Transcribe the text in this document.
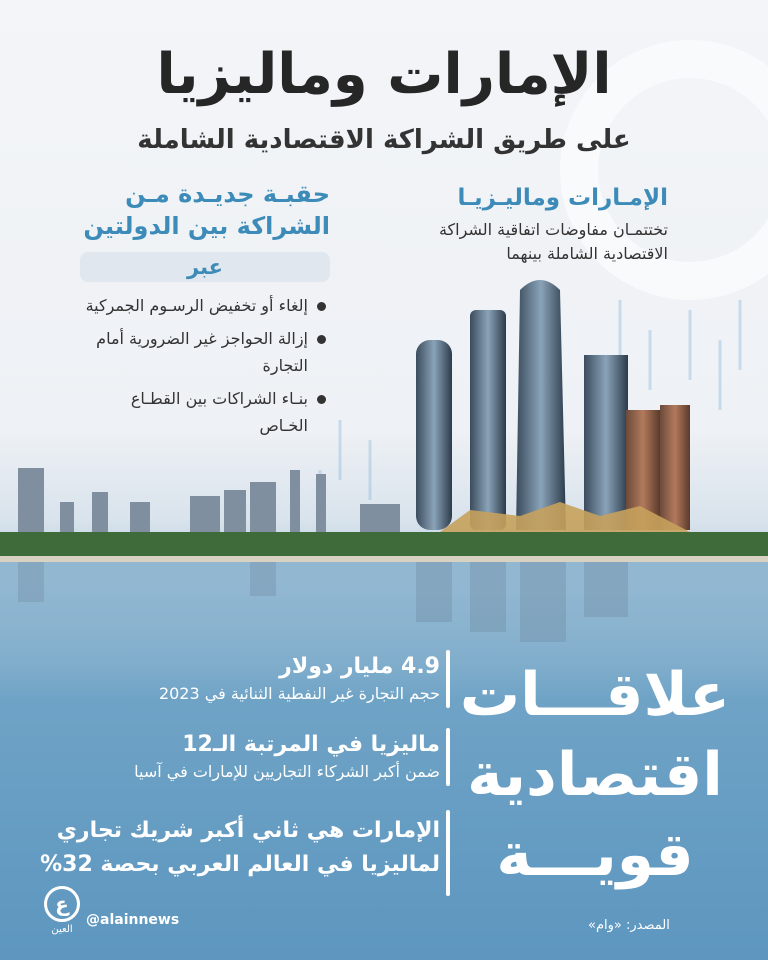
الإمارات وماليزيا
على طريق الشراكة الاقتصادية الشاملة
حقبـة جديـدة مـن
الشراكة بين الدولتين
عبر
إلغاء أو تخفيض الرسـوم الجمركية
إزالة الحواجز غير الضرورية أمام التجارة
بنـاء الشراكات بين القطـاع الخـاص
الإمـارات وماليـزيـا
تختتمـان مفاوضات اتفاقية الشراكة الاقتصادية الشاملة بينهما
4.9 مليار دولار
حجم التجارة غير النفطية الثنائية في 2023
ماليزيا في المرتبة الـ12
ضمن أكبر الشركاء التجاريين للإمارات في آسيا
الإمارات هي ثاني أكبر شريك تجاري لماليزيا في العالم العربي بحصة 32%
علاقـــات
اقتصادية
قويـــة
ع
العين
@alainnews	المصدر: «وام»
